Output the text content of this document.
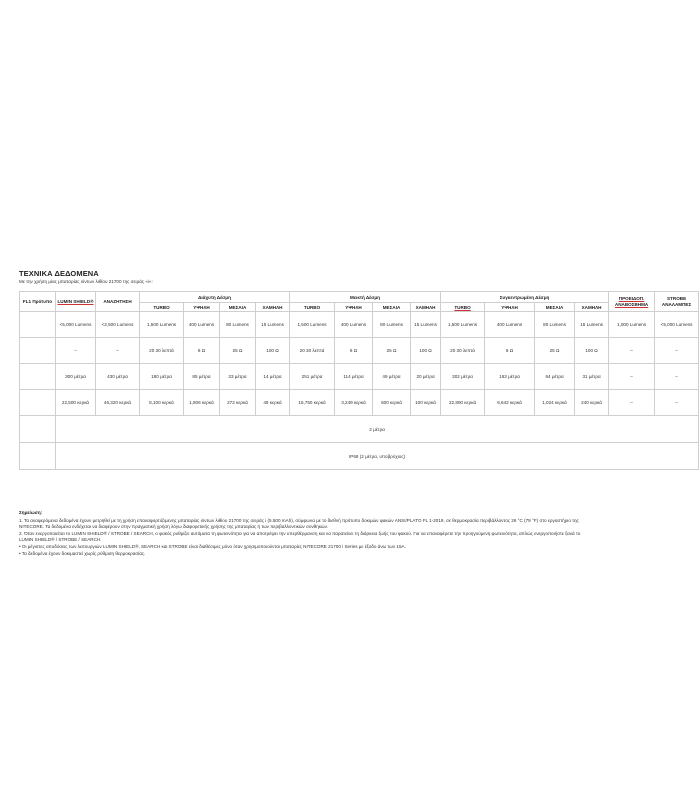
ΤΕΧΝΙΚΑ ΔΕΔΟΜΕΝΑ

Με την χρήση μίας μπαταρίας ιόντων λιθίου 21700 της σειράς «i»:

FL1 Πρότυπο	LUMIN SHIELD®	ΑΝΑΖΗΤΗΣΗ	Διάχυτη Δέσμη				Μεικτή Δέσμη				Συγκεντρωμένη Δέσμη				ΠΡΟΕΙΔΟΠ. ΑΝΑΒΟΣΒΗΜΑ	STROBE ΑΝΑΛΑΜΠΕΣ
			TURBO	ΥΨΗΛΗ	ΜΕΣΑΙΑ	ΧΑΜΗΛΗ	TURBO	ΥΨΗΛΗ	ΜΕΣΑΙΑ	ΧΑΜΗΛΗ	TURBO	ΥΨΗΛΗ	ΜΕΣΑΙΑ	ΧΑΜΗΛΗ		
	<5,000 Lumens	<2,500 Lumens	1,500 Lumens	400 Lumens	80 Lumens	15 Lumens	1,500 Lumens	400 Lumens	80 Lumens	15 Lumens	1,500 Lumens	400 Lumens	80 Lumens	15 Lumens	1,000 Lumens	<5,000 Lumens
	–	–	20 30 λεπτά	6 Ω	25 Ω	100 Ω	20 30 λεπτά	6 Ω	25 Ω	100 Ω	20 30 λεπτά	6 Ω	25 Ω	100 Ω	–	–
	300 μέτρα	430 μέτρα	180 μέτρα	85 μέτρα	33 μέτρα	14 μέτρα	251 μέτρα	114 μέτρα	49 μέτρα	20 μέτρα	302 μέτρα	163 μέτρα	64 μέτρα	31 μέτρα	–	–
	22,500 κερκά	46,320 κερκά	8,100 κερκά	1,806 κερκά	272 κερκά	49 κερκά	15,750 κερκά	3,249 κερκά	600 κερκά	100 κερκά	22,800 κερκά	6,642 κερκά	1,024 κερκά	240 κερκά	–	–
	2 μέτρα															
	IP68 (2 μέτρα, υποβρύχιος)															
Σημείωση:

1. Τα αναφερόμενα δεδομένα έχουν μετρηθεί με τη χρήση επαναφορτιζόμενης μπαταρίας ιόντων λιθίου 21700 της σειράς i (5.500 mAh), σύμφωνα με το διεθνή πρότυπο δοκιμών φακών ANSI/PLATO FL 1-2019, σε θερμοκρασία περιβάλλοντος 26 °C (79 °F) στο εργαστήριο της

NITECORE. Τα δεδομένα ενδέχεται να διαφέρουν στην πραγματική χρήση λόγω διαφορετικής χρήσης της μπαταρίας ή των περιβαλλοντικών συνθηκών.

2. Όταν ενεργοποιείται το LUMIN SHIELD® / STROBE / SEARCH, ο φακός ρυθμίζει αυτόματα τη φωτεινότητα για να αποτρέψει την υπερθέρμανση και να παρατείνει τη διάρκεια ζωής του φακού. Για να επαναφέρετε την προηγούμενη φωτεινότητα, απλώς ενεργοποιήστε ξανά το

LUMIN SHIELD® / STROBE / SEARCH.

• Οι μέγιστες αποδόσεις των λειτουργιών LUMIN SHIELD®, SEARCH και STROBE είναι διαθέσιμες μόνο όταν χρησιμοποιούνται μπαταρίες NITECORE 21700 i Series με έξοδο άνω των 15A.

• Τα δεδομένα έχουν δοκιμαστεί χωρίς ρύθμιση θερμοκρασίας.
